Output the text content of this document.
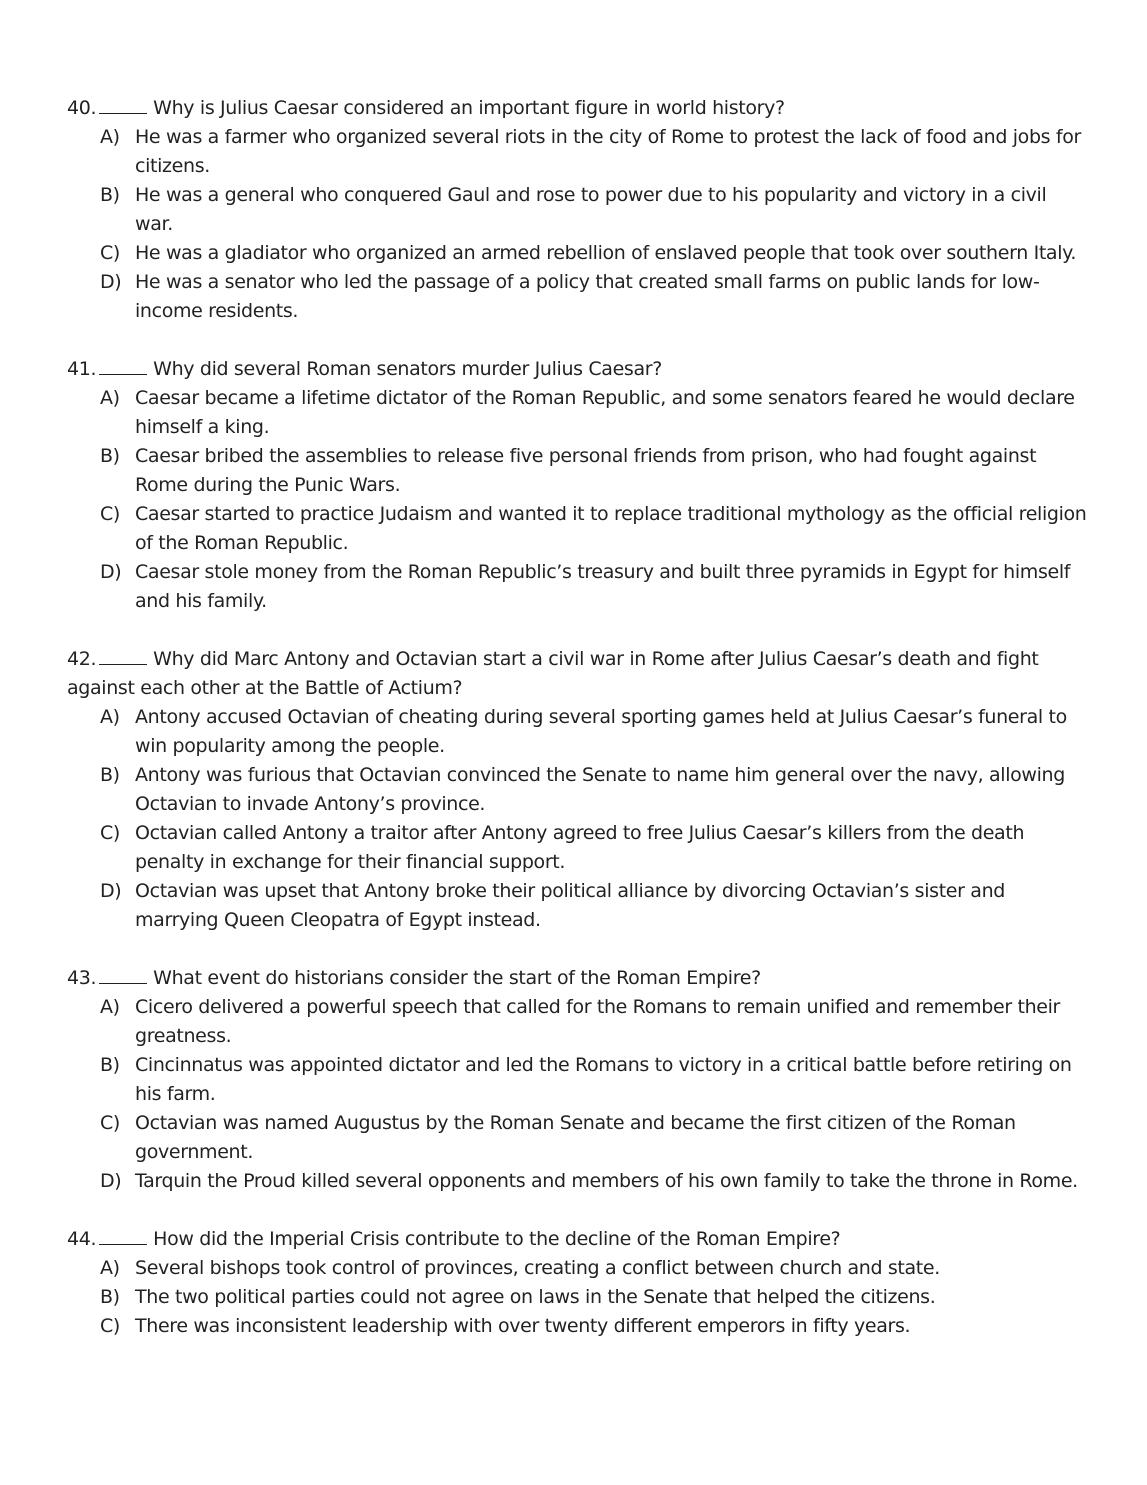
40.	Why is Julius Caesar considered an important figure in world history?

A) He was a farmer who organized several riots in the city of Rome to protest the lack of food and jobs for citizens.
B) He was a general who conquered Gaul and rose to power due to his popularity and victory in a civil war.
C) He was a gladiator who organized an armed rebellion of enslaved people that took over southern Italy.
D) He was a senator who led the passage of a policy that created small farms on public lands for low-income residents.

41.	Why did several Roman senators murder Julius Caesar?

A) Caesar became a lifetime dictator of the Roman Republic, and some senators feared he would declare himself a king.
B) Caesar bribed the assemblies to release five personal friends from prison, who had fought against Rome during the Punic Wars.
C) Caesar started to practice Judaism and wanted it to replace traditional mythology as the official religion of the Roman Republic.
D) Caesar stole money from the Roman Republic’s treasury and built three pyramids in Egypt for himself and his family.

42.	Why did Marc Antony and Octavian start a civil war in Rome after Julius Caesar’s death and fight against each other at the Battle of Actium?

A) Antony accused Octavian of cheating during several sporting games held at Julius Caesar’s funeral to win popularity among the people.
B) Antony was furious that Octavian convinced the Senate to name him general over the navy, allowing Octavian to invade Antony’s province.
C) Octavian called Antony a traitor after Antony agreed to free Julius Caesar’s killers from the death penalty in exchange for their financial support.
D) Octavian was upset that Antony broke their political alliance by divorcing Octavian’s sister and marrying Queen Cleopatra of Egypt instead.

43.	What event do historians consider the start of the Roman Empire?

A) Cicero delivered a powerful speech that called for the Romans to remain unified and remember their greatness.
B) Cincinnatus was appointed dictator and led the Romans to victory in a critical battle before retiring on his farm.
C) Octavian was named Augustus by the Roman Senate and became the first citizen of the Roman government.
D) Tarquin the Proud killed several opponents and members of his own family to take the throne in Rome.

44.	How did the Imperial Crisis contribute to the decline of the Roman Empire?

A) Several bishops took control of provinces, creating a conflict between church and state.
B) The two political parties could not agree on laws in the Senate that helped the citizens.
C) There was inconsistent leadership with over twenty different emperors in fifty years.
